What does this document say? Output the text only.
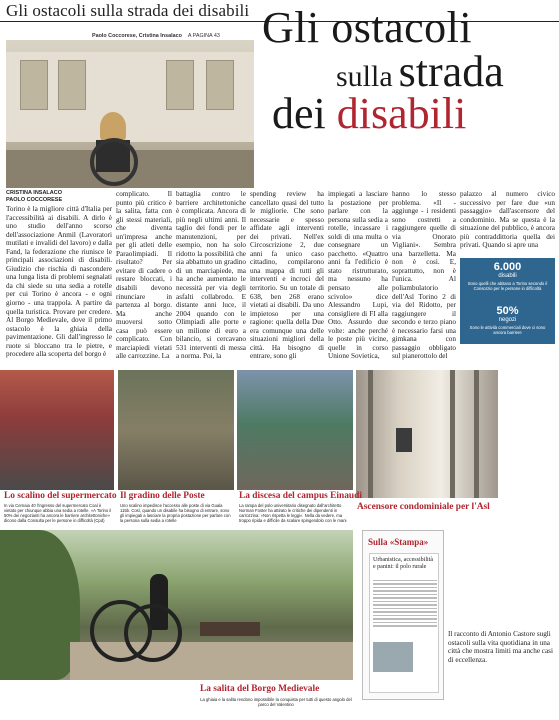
Gli ostacoli sulla strada dei disabili Gli ostacoli
sulla strada
dei disabili
Paolo Coccorese, Cristina Insalaco A PAGINA 43
CRISTINA INSALACO
PAOLO COCCORESE
Torino è la migliore città d'Italia per l'accessibilità ai disabili. A dirlo è uno studio dell'anno scorso dell'associazione Anmil (Lavoratori mutilati e invalidi del lavoro) e dalla Fand, la federazione che riunisce le principali associazioni di disabili. Giudizio che rischia di nascondere una lunga lista di problemi segnalati da chi siede su una sedia a rotelle per cui Torino è ancora - e ogni giorno - una trappola. A partire da quella turistica. Provare per credere. Al Borgo Medievale, dove il primo ostacolo è la ghiaia della pavimentazione. Gli dall'ingresso le ruote si bloccano tra le pietre, e procedere alla scoperta del borgo è
complicato. Il punto più critico è la salita, fatta con gli stessi materiali, che diventa un'impresa anche per gli atleti delle Paraolimpiadi. Il risultato? Per evitare di cadere o restare bloccati, i disabili devono rinunciare in partenza al borgo. Ma anche muoversi sotto casa può essere complicato. Con marciapiedi vietati alle carrozzine. La
battaglia contro le barriere architettoniche è complicata. Ancora di più negli ultimi anni. Il taglio dei fondi per le manutenzioni, per esempio, non ha solo ridotto la possibilità che sia abbattuto un gradino di un marciapiede, ma ha anche aumentato le necessità per via degli asfalti collabrodo. E distante anni luce, il 2004 quando con le Olimpiadi alle porte e un milione di euro a bilancio, si cercavano 531 interventi di messa a norma. Poi, la
spending review ha cancellato quasi del tutto le migliorie. Che sono necessarie e spesso affidate agli interventi dei privati. Nell'ex Circoscrizione 2, due anni fa unico caso cittadino, compilarono una mappa di tutti gli interventi e incroci del territorio. Su un totale di 638, ben 268 erano vietati ai disabili. Da uno impietoso per una ragione: quella della Due era comunque una delle situazioni migliori della città. Ha bisogno di entrare, sono gli
impiegati a lasciare la postazione per parlare con la persona sulla sedia a rotelle, incassare i soldi di una multa o consegnare un pacchetto. «Quattro anni fa l'edificio è stato ristrutturato, ma nessuno ha pensato alle scivolo» dice Alessandro Lupi, consigliere di FI alla Otto. Assurdo due volte: anche perché le poste più vicine, quelle in corso Unione Sovietica,
hanno lo stesso problema. «Il - aggiunge - i residenti sono costretti a raggiungere quelle di via Onorato Vigliani». Sembra una barzelletta. Ma non è così. E, soprattutto, non è l'unica. Al poliambulatorio dell'Asl Torino 2 di via del Ridotto, per raggiungere il secondo e terzo piano è necessario farsi una gimkana con passaggio obbligato sul pianerottolo del
palazzo al numero civico successivo per fare due «un passaggio» dall'ascensore del condominio. Ma se questa è la situazione del pubblico, è ancora più contraddittoria quella dei privati. Quando si apre una
6.000
disabili
Sono quelli che abitano a Torino secondo il Consorzio per le persone in difficoltà
50%
negozi
Sono le attività commerciali dove ci sono ancora barriere
Lo scalino del supermercato
In via Cernaia 40 l'ingresso del supermercato Coal è vietato per chiunque abbia una sedia a rotelle. «A Torino il 50% dei negozianti ha ancora le barriere architettoniche» dicono dalla Consulta per le persone in difficoltà (Cpd)
Il gradino delle Poste
Uno scalino impedisce l'accesso alle poste di via Guala 115b. Così, quando un disabile ha bisogno di entrare, sono gli impiegati a lasciare la propria postazione per parlare con la persona sulla sedia a rotelle
La discesa del campus Einaudi
La rampa del polo universitario disegnato dall'architetto Norman Foster ha attirato le critiche dei dipendenti in carrozzina: «Non rispetta le leggi». Nella da vedere, ma troppo ripida e difficile da scalare spingendolo con le mani
Ascensore condominiale per l'Asl
La salita del Borgo Medievale
La ghiaia e la salita rendono impossibile la conquista per tutti di questo angolo del parco del Valentino
Sulla «Stampa»
Urbanistica, accessibilità e panini: il polo rurale
Il racconto di Antonio Castore sugli ostacoli sulla vita quotidiana in una città che mostra limiti ma anche casi di eccellenza.
